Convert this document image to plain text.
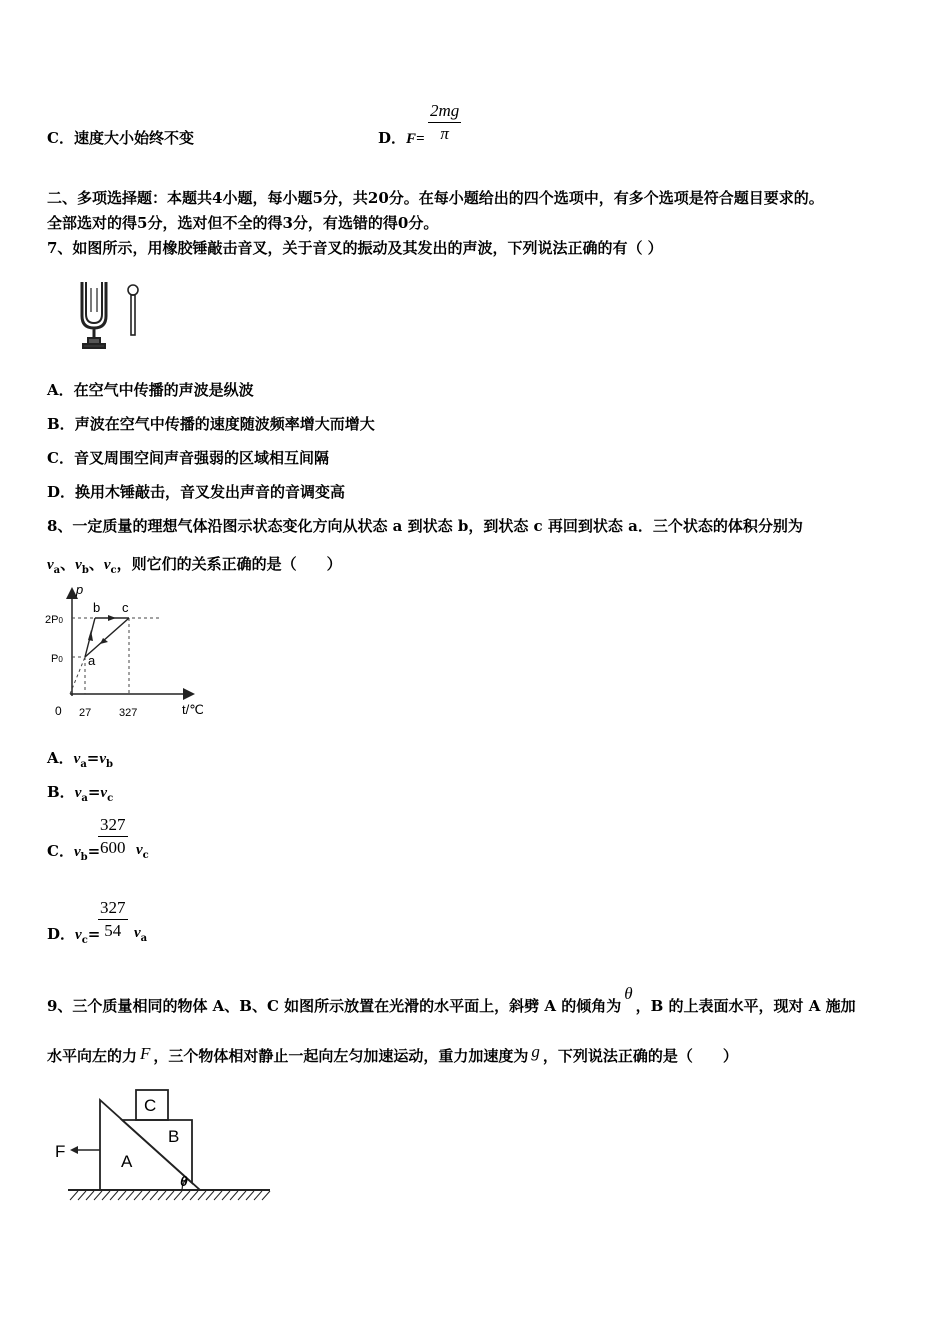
C．速度大小始终不变	D．$F= \frac{2mg}{\pi}$
二、多项选择题：本题共4小题，每小题5分，共20分。在每小题给出的四个选项中，有多个选项是符合题目要求的。
全部选对的得5分，选对但不全的得3分，有选错的得0分。
7、如图所示，用橡胶锤敲击音叉，关于音叉的振动及其发出的声波，下列说法正确的有（ ）
A．在空气中传播的声波是纵波
B．声波在空气中传播的速度随波频率增大而增大
C．音叉周围空间声音强弱的区域相互间隔
D．换用木锤敲击，音叉发出声音的音调变高
8、一定质量的理想气体沿图示状态变化方向从状态 a 到状态 b，到状态 c 再回到状态 a．三个状态的体积分别为
$v_a$、$v_b$、$v_c$，则它们的关系正确的是（　　）
p
t/℃
0 27	327
2P0
P0 a
b c
A．$v_a=v_b$
B．$v_a=v_c$
C．$v_b=$
$\frac{327}{600} v_c$
D．$v_c=$
$\frac{327}{54} v_a$
9、三个质量相同的物体 A、B、C 如图所示放置在光滑的水平面上，斜劈 A 的倾角为θ，B 的上表面水平，现对 A 施加
水平向左的力 F ，三个物体相对静止一起向左匀加速运动，重力加速度为 g ，下列说法正确的是（　　）
A
B
C
F
θ
